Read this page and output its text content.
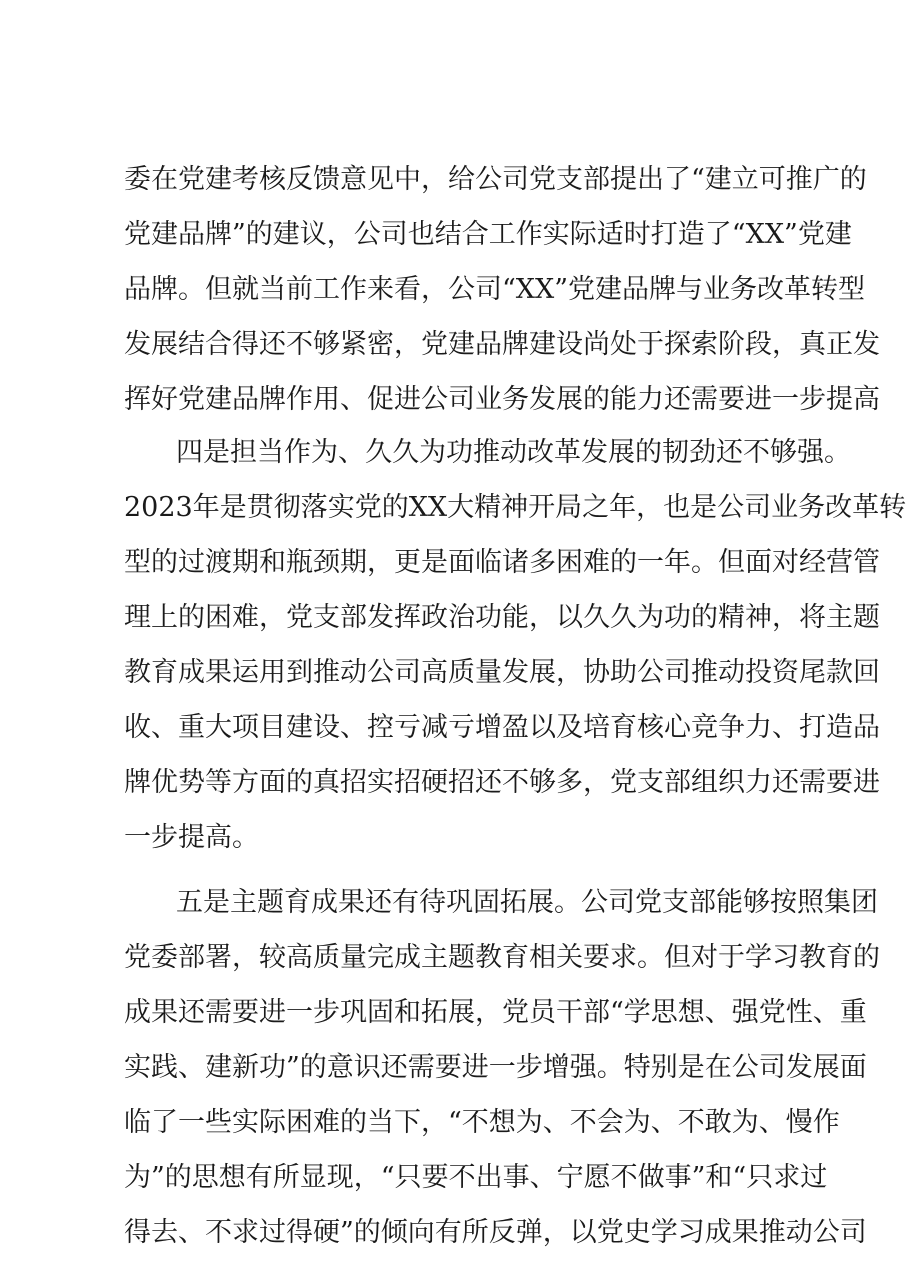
委在党建考核反馈意见中，给公司党支部提出了“建立可推广的
党建品牌”的建议，公司也结合工作实际适时打造了“XX”党建
品牌。但就当前工作来看，公司“XX”党建品牌与业务改革转型
发展结合得还不够紧密，党建品牌建设尚处于探索阶段，真正发
挥好党建品牌作用、促进公司业务发展的能力还需要进一步提高
四是担当作为、久久为功推动改革发展的韧劲还不够强。
2023年是贯彻落实党的XX大精神开局之年，也是公司业务改革转
型的过渡期和瓶颈期，更是面临诸多困难的一年。但面对经营管
理上的困难，党支部发挥政治功能，以久久为功的精神，将主题
教育成果运用到推动公司高质量发展，协助公司推动投资尾款回
收、重大项目建设、控亏减亏增盈以及培育核心竞争力、打造品
牌优势等方面的真招实招硬招还不够多，党支部组织力还需要进
一步提高。
五是主题育成果还有待巩固拓展。公司党支部能够按照集团
党委部署，较高质量完成主题教育相关要求。但对于学习教育的
成果还需要进一步巩固和拓展，党员干部“学思想、强党性、重
实践、建新功”的意识还需要进一步增强。特别是在公司发展面
临了一些实际困难的当下，“不想为、不会为、不敢为、慢作
为”的思想有所显现，“只要不出事、宁愿不做事”和“只求过
得去、不求过得硬”的倾向有所反弹，以党史学习成果推动公司
